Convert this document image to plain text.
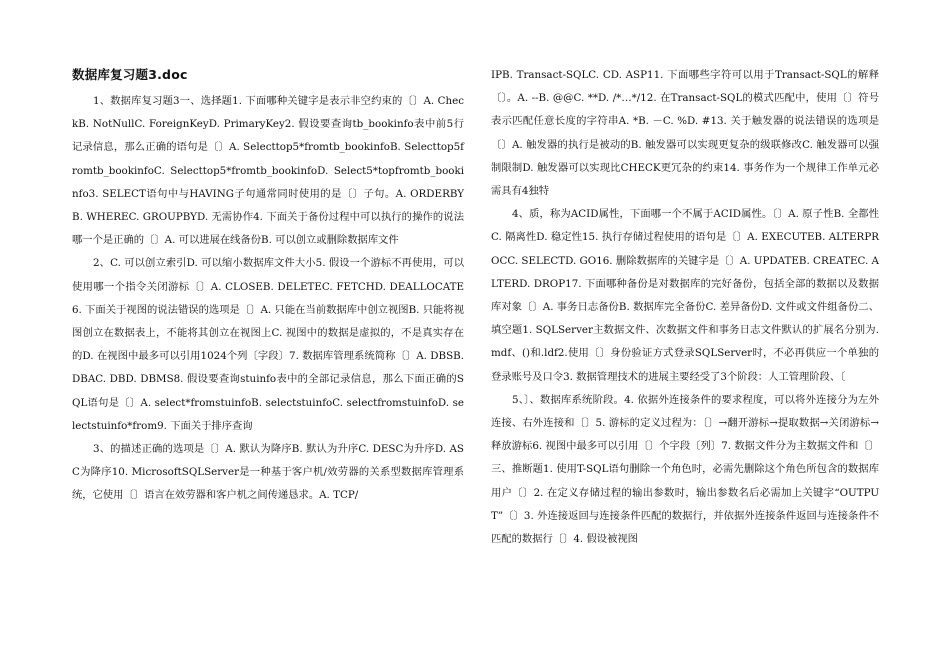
数据库复习题3.doc

1、数据库复习题3一、选择题1. 下面哪种关键字是表示非空约束的〔〕A. CheckB. NotNullC. ForeignKeyD. PrimaryKey2. 假设要查询tb_bookinfo表中前5行记录信息，那么正确的语句是〔〕A. Selecttop5*fromtb_bookinfoB. Selecttop5fromtb_bookinfoC. Selecttop5*fromtb_bookinfoD. Select5*topfromtb_bookinfo3. SELECT语句中与HAVING子句通常同时使用的是〔〕子句。A. ORDERBYB. WHEREC. GROUPBYD. 无需协作4. 下面关于备份过程中可以执行的操作的说法哪一个是正确的〔〕A. 可以进展在线备份B. 可以创立或删除数据库文件

2、C. 可以创立索引D. 可以缩小数据库文件大小5. 假设一个游标不再使用，可以使用哪一个指令关闭游标〔〕A. CLOSEB. DELETEC. FETCHD. DEALLOCATE6. 下面关于视图的说法错误的选项是〔〕A. 只能在当前数据库中创立视图B. 只能将视图创立在数据表上，不能将其创立在视图上C. 视图中的数据是虚拟的，不是真实存在的D. 在视图中最多可以引用1024个列〔字段〕7. 数据库管理系统简称〔〕A. DBSB. DBAC. DBD. DBMS8. 假设要查询stuinfo表中的全部记录信息，那么下面正确的SQL语句是〔〕A. select*fromstuinfoB. selectstuinfoC. selectfromstuinfoD. selectstuinfo*from9. 下面关于排序查询

3、的描述正确的选项是〔〕A. 默认为降序B. 默认为升序C. DESC为升序D. ASC为降序10. MicrosoftSQLServer是一种基于客户机/效劳器的关系型数据库管理系统，它使用〔〕语言在效劳器和客户机之间传递恳求。A. TCP/

IPB. Transact-SQLC. CD. ASP11. 下面哪些字符可以用于Transact-SQL的解释〔〕。A. --B. @@C. **D. /*…*/12. 在Transact-SQL的模式匹配中，使用〔〕符号表示匹配任意长度的字符串A. *B. －C. %D. #13. 关于触发器的说法错误的选项是〔〕A. 触发器的执行是被动的B. 触发器可以实现更复杂的级联修改C. 触发器可以强制限制D. 触发器可以实现比CHECK更冗杂的约束14. 事务作为一个规律工作单元必需具有4独特

4、质，称为ACID属性，下面哪一个不属于ACID属性。〔〕A. 原子性B. 全都性C. 隔离性D. 稳定性15. 执行存储过程使用的语句是〔〕A. EXECUTEB. ALTERPROCC. SELECTD. GO16. 删除数据库的关键字是〔〕A. UPDATEB. CREATEC. ALTERD. DROP17. 下面哪种备份是对数据库的完好备份，包括全部的数据以及数据库对象〔〕A. 事务日志备份B. 数据库完全备份C. 差异备份D. 文件或文件组备份二、填空题1. SQLServer主数据文件、次数据文件和事务日志文件默认的扩展名分别为.mdf、()和.ldf2.使用〔〕身份验证方式登录SQLServer时，不必再供应一个单独的登录账号及口令3. 数据管理技术的进展主要经受了3个阶段：人工管理阶段、〔

5、〕、数据库系统阶段。4. 依据外连接条件的要求程度，可以将外连接分为左外连接、右外连接和〔〕5. 游标的定义过程为：〔〕→翻开游标→提取数据→关闭游标→释放游标6. 视图中最多可以引用〔〕个字段〔列〕7. 数据文件分为主数据文件和〔〕三、推断题1. 使用T-SQL语句删除一个角色时，必需先删除这个角色所包含的数据库用户〔〕2. 在定义存储过程的输出参数时，输出参数名后必需加上关键字“OUTPUT”〔〕3. 外连接返回与连接条件匹配的数据行，并依据外连接条件返回与连接条件不匹配的数据行〔〕4. 假设被视图
